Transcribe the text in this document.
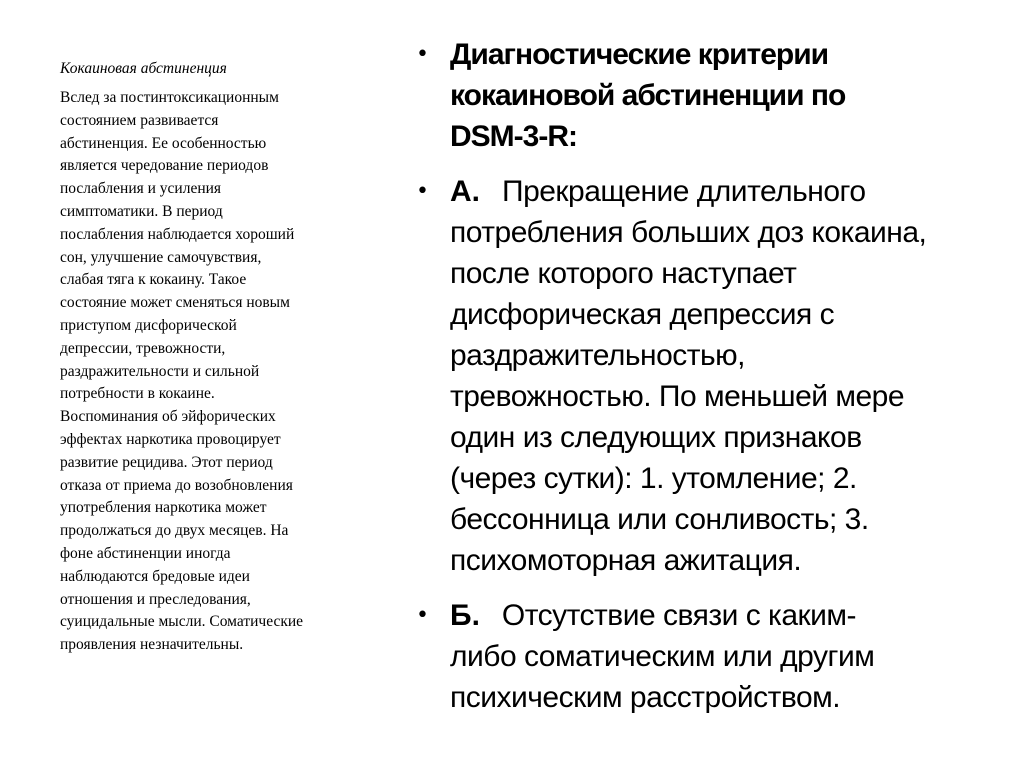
Кокаиновая абстиненция

Вслед за постинтоксикационным
состоянием развивается
абстиненция. Ее особенностью
является чередование периодов
послабления и усиления
симптоматики. В период
послабления наблюдается хороший
сон, улучшение самочувствия,
слабая тяга к кокаину. Такое
состояние может сменяться новым
приступом дисфорической
депрессии, тревожности,
раздражительности и сильной
потребности в кокаине.
Воспоминания об эйфорических
эффектах наркотика провоцирует
развитие рецидива. Этот период
отказа от приема до возобновления
употребления наркотика может
продолжаться до двух месяцев. На
фоне абстиненции иногда
наблюдаются бредовые идеи
отношения и преследования,
суицидальные мысли. Соматические
проявления незначительны.

• Диагностические критерии
кокаиновой абстиненции по
DSM-3-R:
• А. Прекращение длительного
потребления больших доз кокаина,
после которого наступает
дисфорическая депрессия с
раздражительностью,
тревожностью. По меньшей мере
один из следующих признаков
(через сутки): 1. утомление; 2.
бессонница или сонливость; 3.
психомоторная ажитация.
• Б. Отсутствие связи с каким-
либо соматическим или другим
психическим расстройством.
